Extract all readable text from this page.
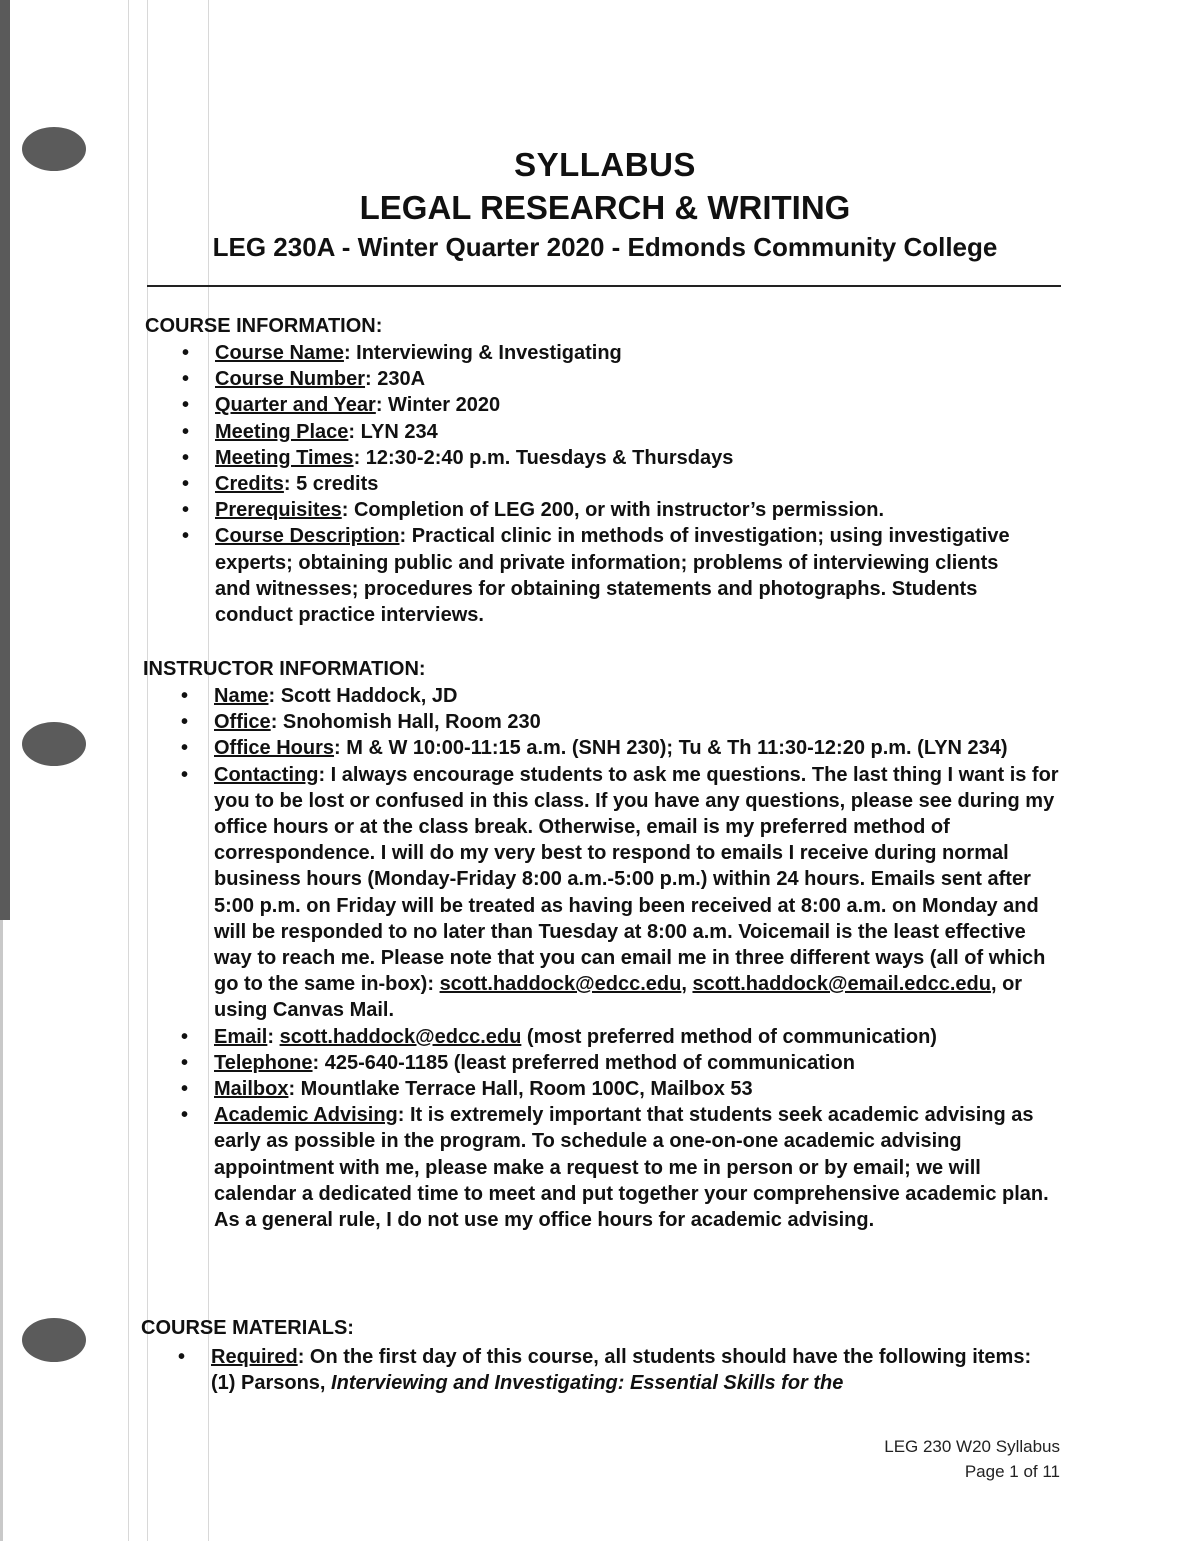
SYLLABUS
LEGAL RESEARCH & WRITING
LEG 230A - Winter Quarter 2020 - Edmonds Community College
COURSE INFORMATION:
• Course Name: Interviewing & Investigating
• Course Number: 230A
• Quarter and Year: Winter 2020
• Meeting Place: LYN 234
• Meeting Times: 12:30-2:40 p.m. Tuesdays & Thursdays
• Credits: 5 credits
• Prerequisites: Completion of LEG 200, or with instructor’s permission.
• Course Description: Practical clinic in methods of investigation; using investigative experts; obtaining public and private information; problems of interviewing clients and witnesses; procedures for obtaining statements and photographs. Students conduct practice interviews.
INSTRUCTOR INFORMATION:
• Name: Scott Haddock, JD
• Office: Snohomish Hall, Room 230
• Office Hours: M & W 10:00-11:15 a.m. (SNH 230); Tu & Th 11:30-12:20 p.m. (LYN 234)
• Contacting: I always encourage students to ask me questions. The last thing I want is for you to be lost or confused in this class. If you have any questions, please see during my office hours or at the class break. Otherwise, email is my preferred method of correspondence. I will do my very best to respond to emails I receive during normal business hours (Monday-Friday 8:00 a.m.-5:00 p.m.) within 24 hours. Emails sent after 5:00 p.m. on Friday will be treated as having been received at 8:00 a.m. on Monday and will be responded to no later than Tuesday at 8:00 a.m. Voicemail is the least effective way to reach me. Please note that you can email me in three different ways (all of which go to the same in-box): scott.haddock@edcc.edu, scott.haddock@email.edcc.edu, or using Canvas Mail.
• Email: scott.haddock@edcc.edu (most preferred method of communication)
• Telephone: 425-640-1185 (least preferred method of communication
• Mailbox: Mountlake Terrace Hall, Room 100C, Mailbox 53
• Academic Advising: It is extremely important that students seek academic advising as early as possible in the program. To schedule a one-on-one academic advising appointment with me, please make a request to me in person or by email; we will calendar a dedicated time to meet and put together your comprehensive academic plan. As a general rule, I do not use my office hours for academic advising.
COURSE MATERIALS:
• Required: On the first day of this course, all students should have the following items: (1) Parsons, Interviewing and Investigating: Essential Skills for the
LEG 230 W20 Syllabus
Page 1 of 11
